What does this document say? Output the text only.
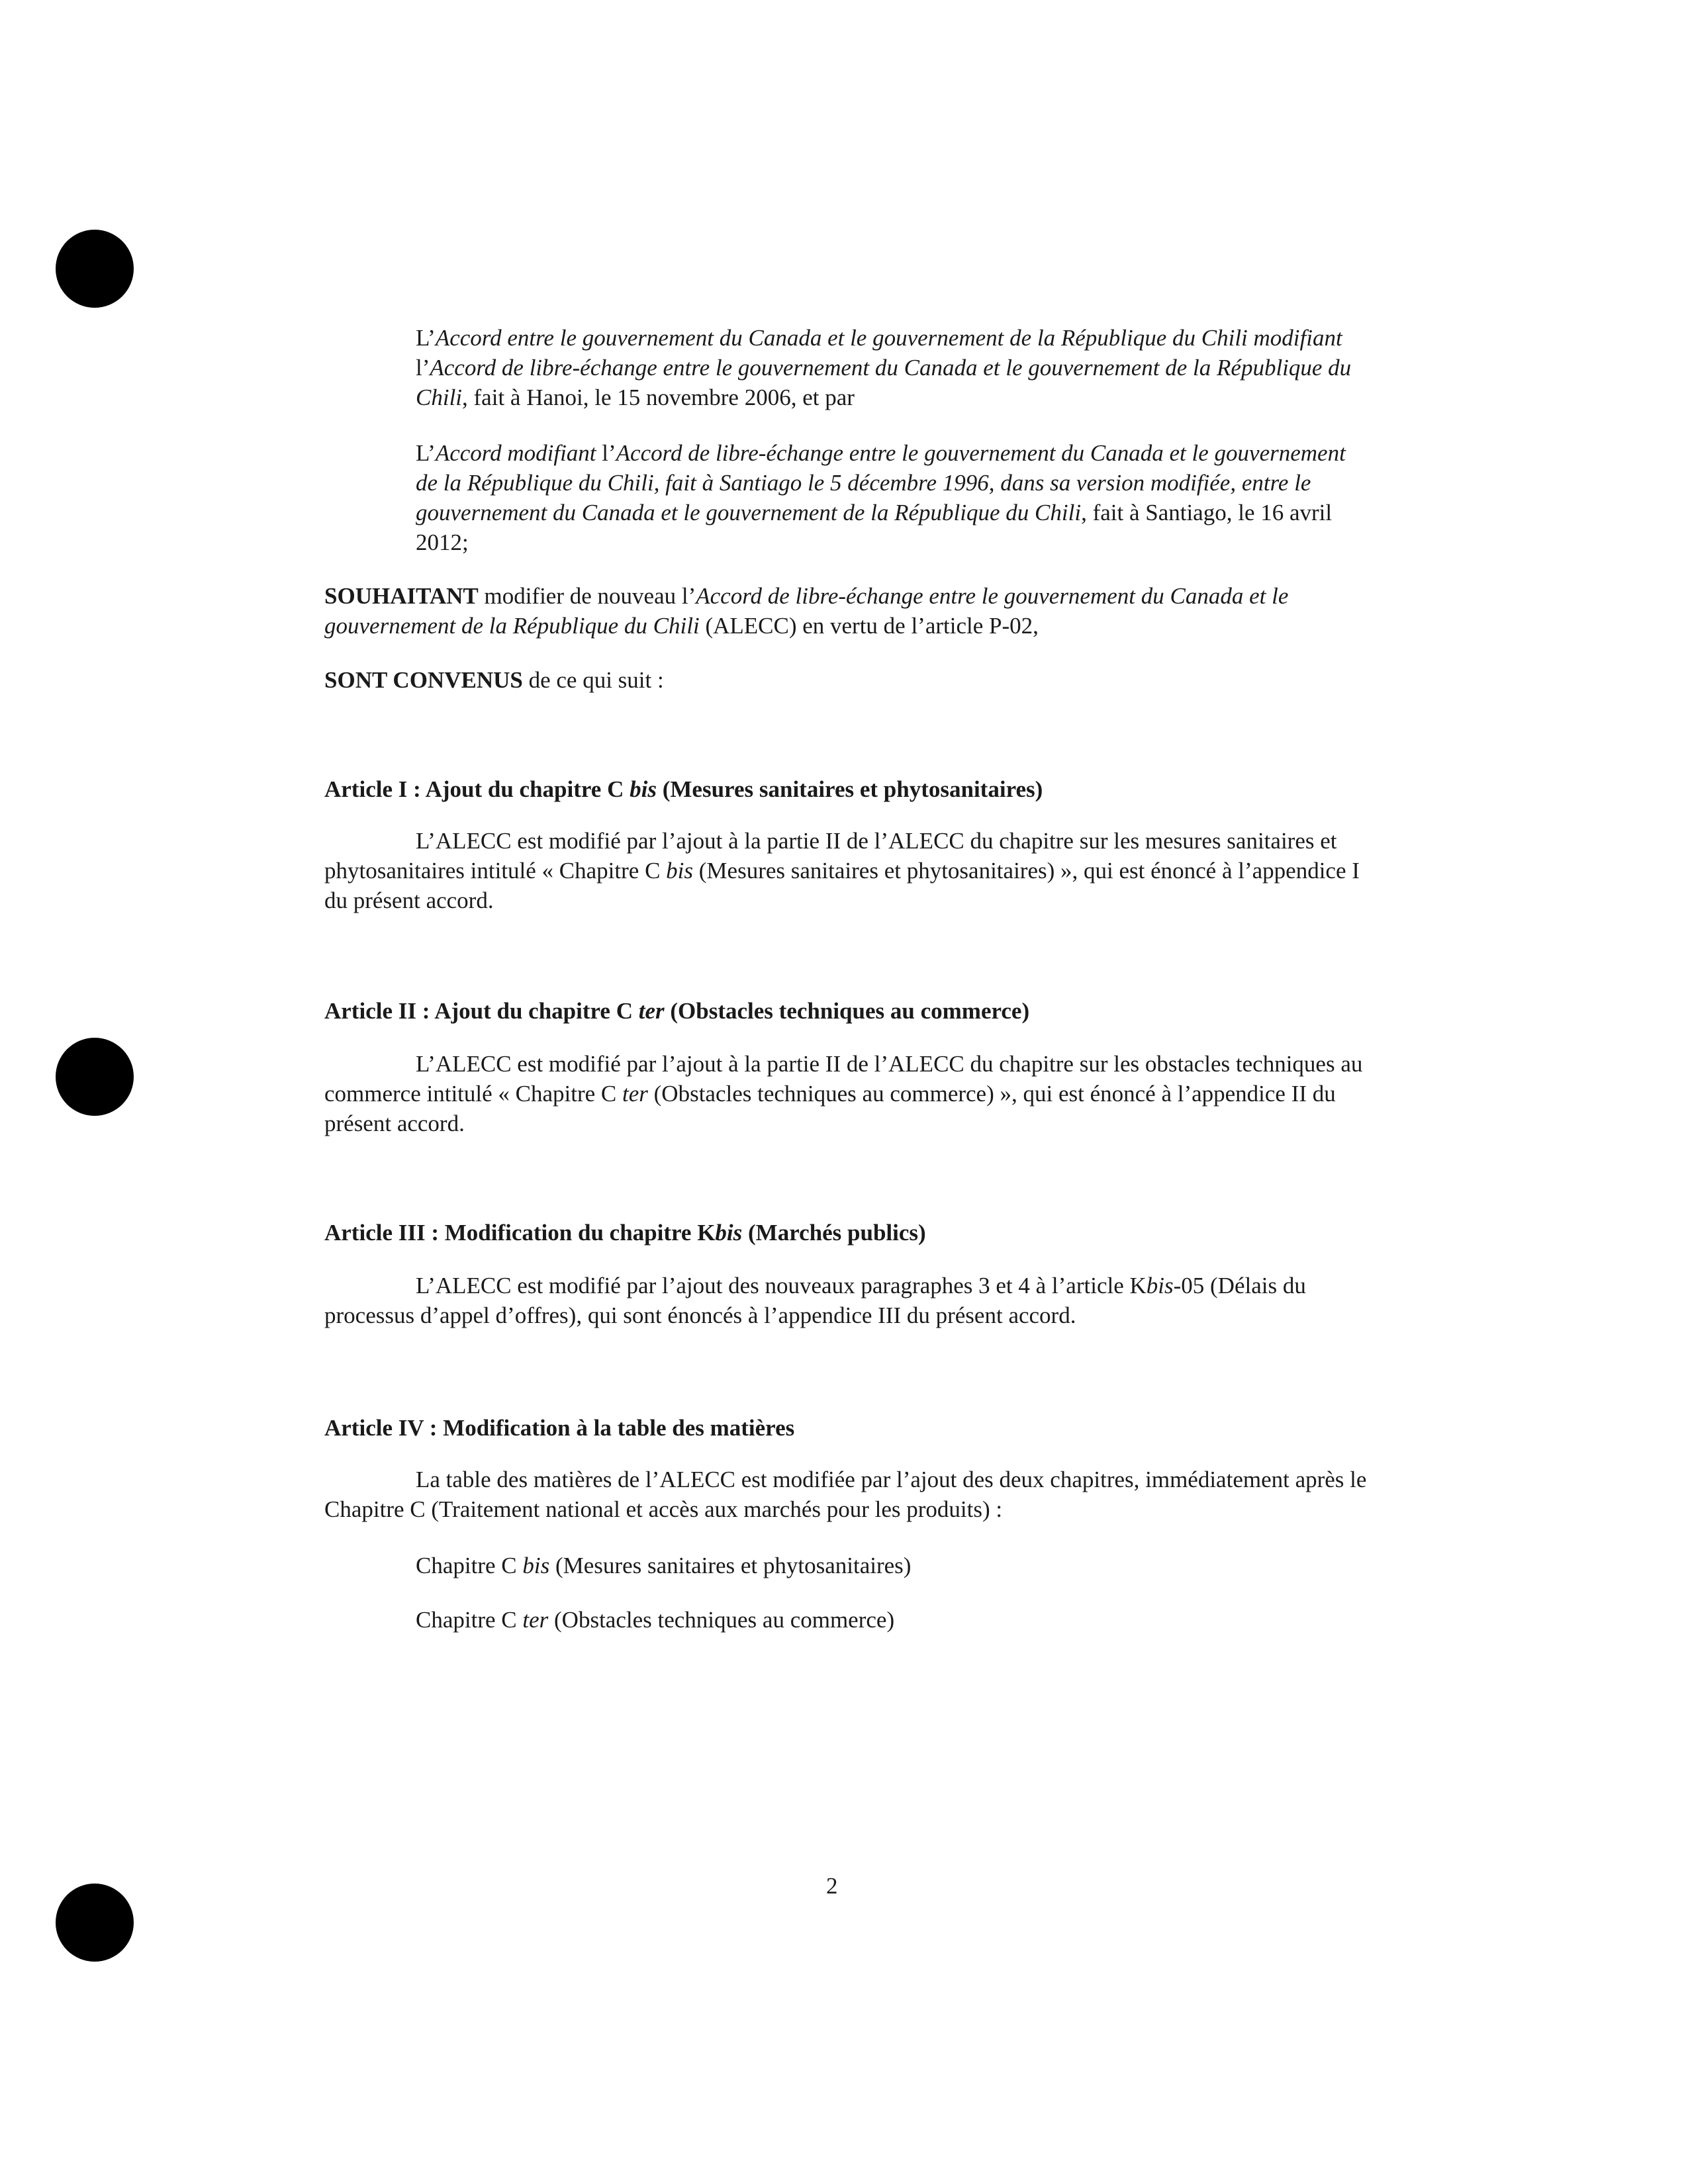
L’Accord entre le gouvernement du Canada et le gouvernement de la République du Chili modifiant l’Accord de libre-échange entre le gouvernement du Canada et le gouvernement de la République du Chili, fait à Hanoi, le 15 novembre 2006, et par
L’Accord modifiant l’Accord de libre-échange entre le gouvernement du Canada et le gouvernement de la République du Chili, fait à Santiago le 5 décembre 1996, dans sa version modifiée, entre le gouvernement du Canada et le gouvernement de la République du Chili, fait à Santiago, le 16 avril 2012;
SOUHAITANT modifier de nouveau l’Accord de libre-échange entre le gouvernement du Canada et le gouvernement de la République du Chili (ALECC) en vertu de l’article P-02,
SONT CONVENUS de ce qui suit :
Article I : Ajout du chapitre C bis (Mesures sanitaires et phytosanitaires)
L’ALECC est modifié par l’ajout à la partie II de l’ALECC du chapitre sur les mesures sanitaires et phytosanitaires intitulé « Chapitre C bis (Mesures sanitaires et phytosanitaires) », qui est énoncé à l’appendice I du présent accord.
Article II : Ajout du chapitre C ter (Obstacles techniques au commerce)
L’ALECC est modifié par l’ajout à la partie II de l’ALECC du chapitre sur les obstacles techniques au commerce intitulé « Chapitre C ter (Obstacles techniques au commerce) », qui est énoncé à l’appendice II du présent accord.
Article III : Modification du chapitre Kbis (Marchés publics)
L’ALECC est modifié par l’ajout des nouveaux paragraphes 3 et 4 à l’article Kbis-05 (Délais du processus d’appel d’offres), qui sont énoncés à l’appendice III du présent accord.
Article IV : Modification à la table des matières
La table des matières de l’ALECC est modifiée par l’ajout des deux chapitres, immédiatement après le Chapitre C (Traitement national et accès aux marchés pour les produits) :
Chapitre C bis (Mesures sanitaires et phytosanitaires)
Chapitre C ter (Obstacles techniques au commerce)
2
